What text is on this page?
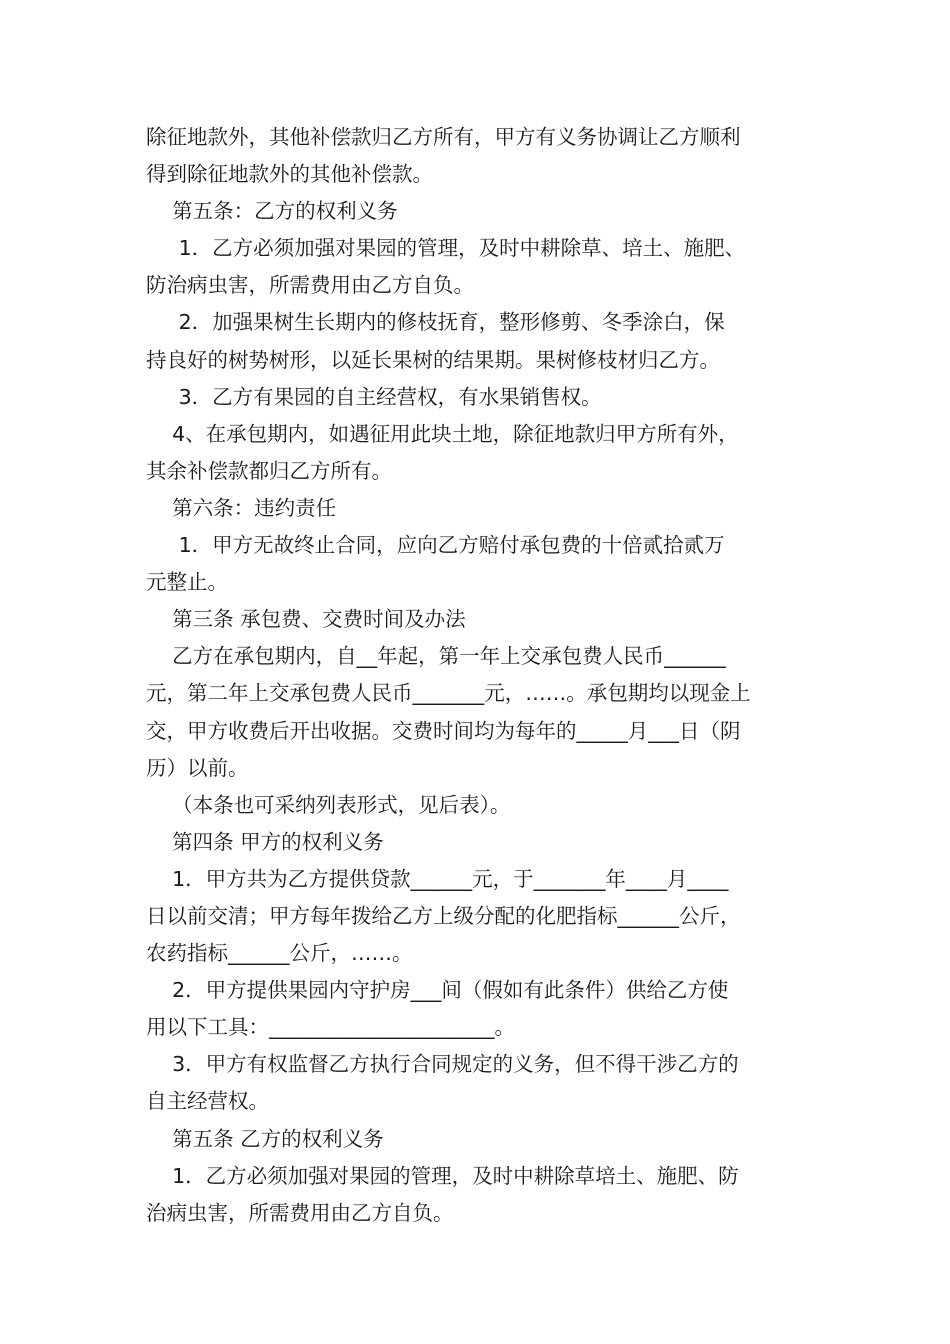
除征地款外，其他补偿款归乙方所有，甲方有义务协调让乙方顺利
得到除征地款外的其他补偿款。
第五条：乙方的权利义务
1．乙方必须加强对果园的管理，及时中耕除草、培土、施肥、
防治病虫害，所需费用由乙方自负。
2．加强果树生长期内的修枝抚育，整形修剪、冬季涂白，保
持良好的树势树形，以延长果树的结果期。果树修枝材归乙方。
3．乙方有果园的自主经营权，有水果销售权。
4、在承包期内，如遇征用此块土地，除征地款归甲方所有外，
其余补偿款都归乙方所有。
第六条：违约责任
1．甲方无故终止合同，应向乙方赔付承包费的十倍贰拾贰万
元整止。
第三条 承包费、交费时间及办法
乙方在承包期内，自__年起，第一年上交承包费人民币______
元，第二年上交承包费人民币_______元，……。承包期均以现金上
交，甲方收费后开出收据。交费时间均为每年的_____月___日（阴
历）以前。
（本条也可采纳列表形式，见后表）。
第四条 甲方的权利义务
1．甲方共为乙方提供贷款______元，于_______年____月____
日以前交清；甲方每年拨给乙方上级分配的化肥指标______公斤，
农药指标______公斤，……。
2．甲方提供果园内守护房___间（假如有此条件）供给乙方使
用以下工具：______________________。
3．甲方有权监督乙方执行合同规定的义务，但不得干涉乙方的
自主经营权。
第五条 乙方的权利义务
1．乙方必须加强对果园的管理，及时中耕除草培土、施肥、防
治病虫害，所需费用由乙方自负。
